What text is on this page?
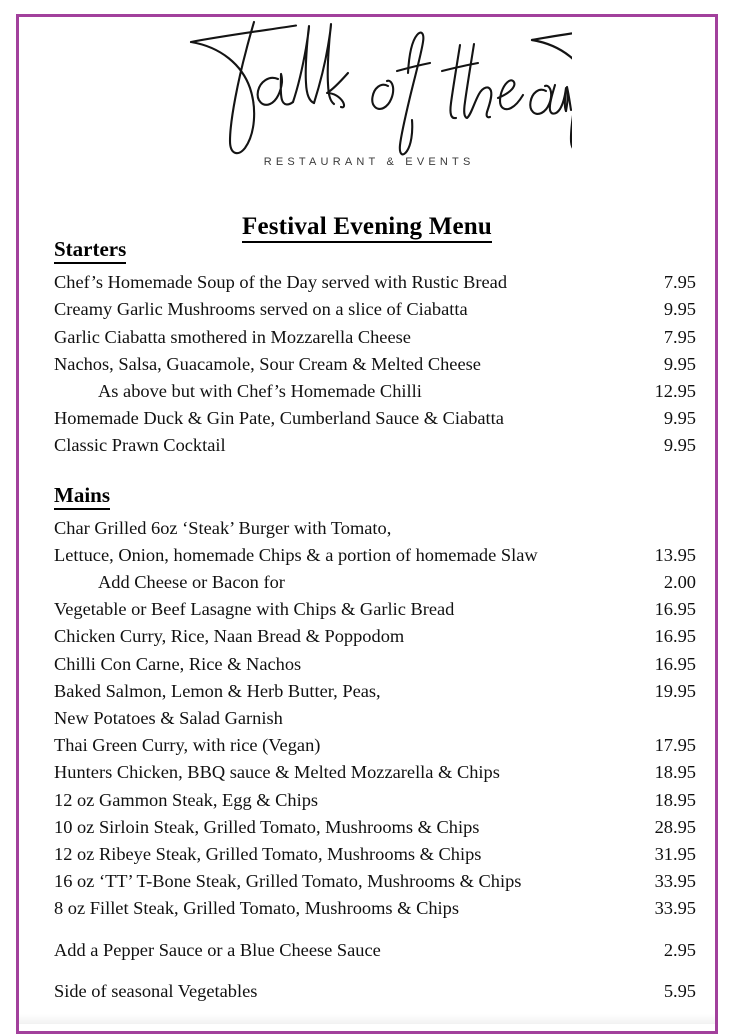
RESTAURANT & EVENTS
Festival Evening Menu
Starters
Chef’s Homemade Soup of the Day served with Rustic Bread	7.95
Creamy Garlic Mushrooms served on a slice of Ciabatta	9.95
Garlic Ciabatta smothered in Mozzarella Cheese	7.95
Nachos, Salsa, Guacamole, Sour Cream & Melted Cheese	9.95
As above but with Chef’s Homemade Chilli	12.95
Homemade Duck & Gin Pate, Cumberland Sauce & Ciabatta	9.95
Classic Prawn Cocktail	9.95
Mains
Char Grilled 6oz ‘Steak’ Burger with Tomato,
Lettuce, Onion, homemade Chips & a portion of homemade Slaw	13.95
Add Cheese or Bacon for	2.00
Vegetable or Beef Lasagne with Chips & Garlic Bread	16.95
Chicken Curry, Rice, Naan Bread & Poppodom	16.95
Chilli Con Carne, Rice & Nachos	16.95
Baked Salmon, Lemon & Herb Butter, Peas,	19.95
New Potatoes & Salad Garnish
Thai Green Curry, with rice (Vegan)	17.95
Hunters Chicken, BBQ sauce & Melted Mozzarella & Chips	18.95
12 oz Gammon Steak, Egg & Chips	18.95
10 oz Sirloin Steak, Grilled Tomato, Mushrooms & Chips	28.95
12 oz Ribeye Steak, Grilled Tomato, Mushrooms & Chips	31.95
16 oz ‘TT’ T-Bone Steak, Grilled Tomato, Mushrooms & Chips	33.95
8 oz Fillet Steak, Grilled Tomato, Mushrooms & Chips	33.95
Add a Pepper Sauce or a Blue Cheese Sauce	2.95
Side of seasonal Vegetables	5.95
